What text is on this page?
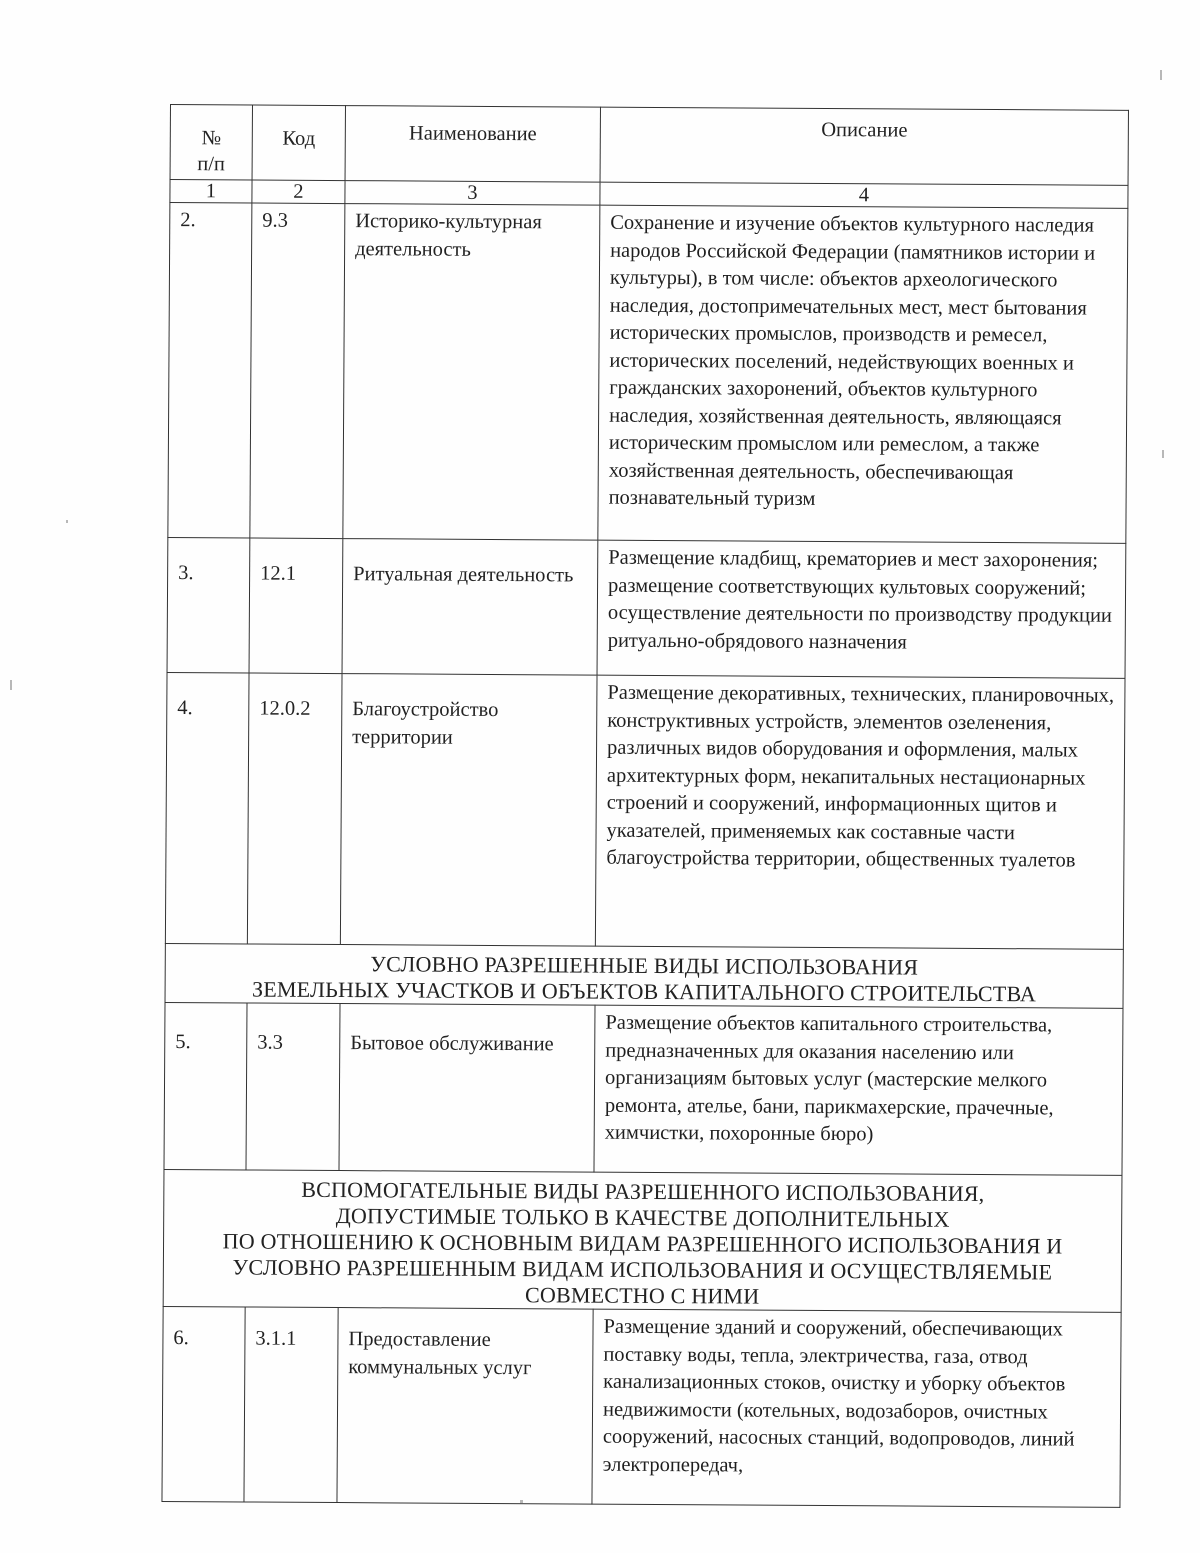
№
п/п	Код	Наименование	Описание
1	2	3	4
2.	9.3	Историко-культурная деятельность	Сохранение и изучение объектов культурного наследия народов Российской Федерации (памятников истории и культуры), в том числе: объектов археологического наследия, достопримечательных мест, мест бытования исторических промыслов, производств и ремесел, исторических поселений, недействующих военных и гражданских захоронений, объектов культурного наследия, хозяйственная деятельность, являющаяся историческим промыслом или ремеслом, а также хозяйственная деятельность, обеспечивающая познавательный туризм
3.	12.1	Ритуальная деятельность	Размещение кладбищ, крематориев и мест захоронения; размещение соответствующих культовых сооружений; осуществление деятельности по производству продукции ритуально-обрядового назначения
4.	12.0.2	Благоустройство территории	Размещение декоративных, технических, планировочных, конструктивных устройств, элементов озеленения, различных видов оборудования и оформления, малых архитектурных форм, некапитальных нестационарных строений и сооружений, информационных щитов и указателей, применяемых как составные части благоустройства территории, общественных туалетов
УСЛОВНО РАЗРЕШЕННЫЕ ВИДЫ ИСПОЛЬЗОВАНИЯ
ЗЕМЕЛЬНЫХ УЧАСТКОВ И ОБЪЕКТОВ КАПИТАЛЬНОГО СТРОИТЕЛЬСТВА			
5.	3.3	Бытовое обслуживание	Размещение объектов капитального строительства, предназначенных для оказания населению или организациям бытовых услуг (мастерские мелкого ремонта, ателье, бани, парикмахерские, прачечные, химчистки, похоронные бюро)
ВСПОМОГАТЕЛЬНЫЕ ВИДЫ РАЗРЕШЕННОГО ИСПОЛЬЗОВАНИЯ,
ДОПУСТИМЫЕ ТОЛЬКО В КАЧЕСТВЕ ДОПОЛНИТЕЛЬНЫХ
ПО ОТНОШЕНИЮ К ОСНОВНЫМ ВИДАМ РАЗРЕШЕННОГО ИСПОЛЬЗОВАНИЯ И
УСЛОВНО РАЗРЕШЕННЫМ ВИДАМ ИСПОЛЬЗОВАНИЯ И ОСУЩЕСТВЛЯЕМЫЕ
СОВМЕСТНО С НИМИ			
6.	3.1.1	Предоставление коммунальных услуг	Размещение зданий и сооружений, обеспечивающих поставку воды, тепла, электричества, газа, отвод канализационных стоков, очистку и уборку объектов недвижимости (котельных, водозаборов, очистных сооружений, насосных станций, водопроводов, линий электропередач,
